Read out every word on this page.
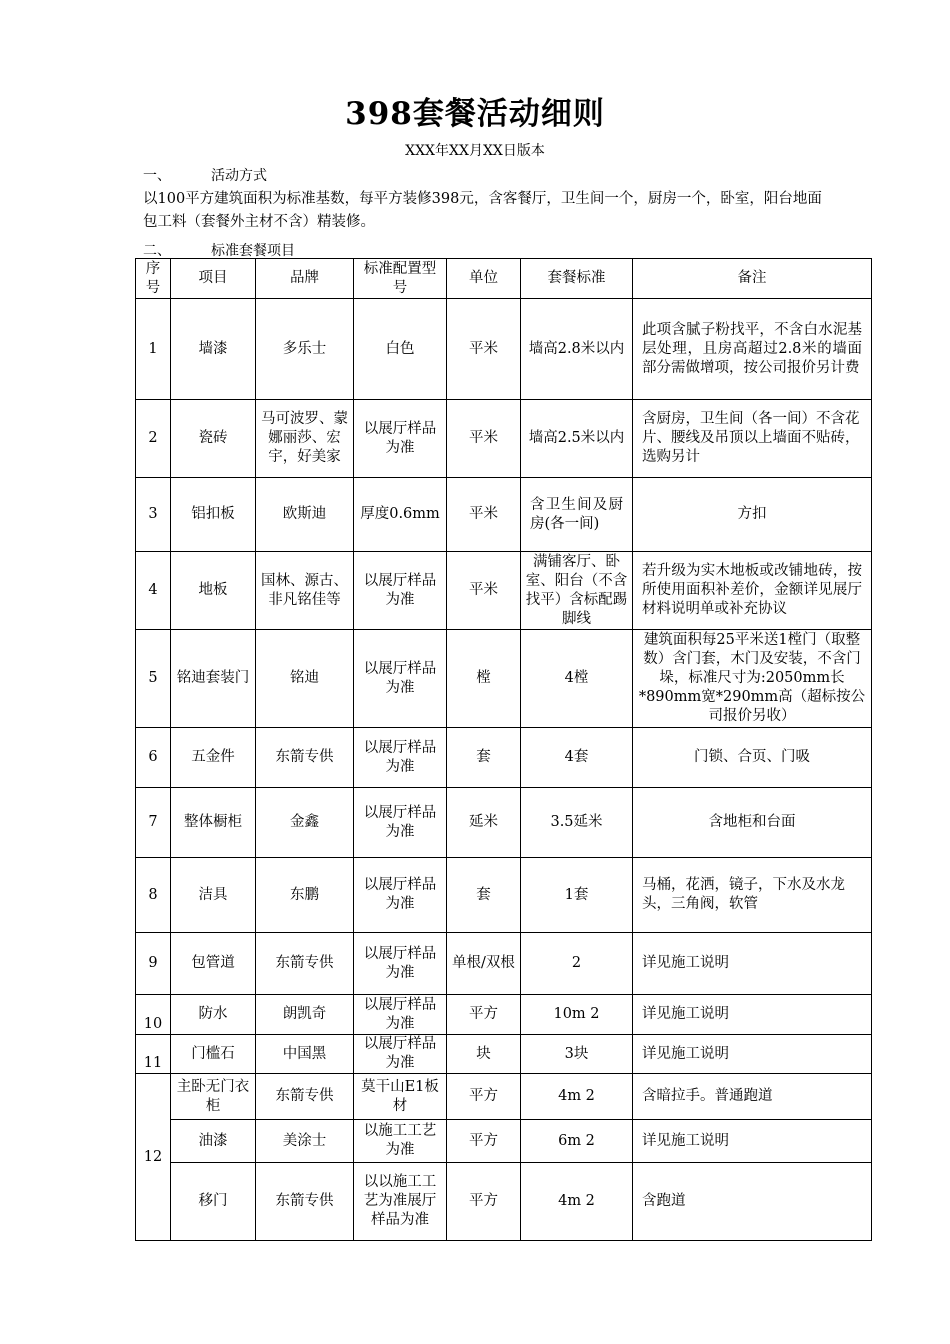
398套餐活动细则
XXX年XX月XX日版本
一、	活动方式
以100平方建筑面积为标准基数，每平方装修398元，含客餐厅，卫生间一个，厨房一个，卧室，阳台地面包工料（套餐外主材不含）精装修。
二、	标准套餐项目
序号	项目	品牌	标准配置型号	单位	套餐标准	备注
1	墙漆	多乐士	白色	平米	墙高2.8米以内	此项含腻子粉找平，不含白水泥基层处理，且房高超过2.8米的墙面部分需做增项，按公司报价另计费
2	瓷砖	马可波罗、蒙娜丽莎、宏宇，好美家	以展厅样品为准	平米	墙高2.5米以内	含厨房，卫生间（各一间）不含花片、腰线及吊顶以上墙面不贴砖，选购另计
3	铝扣板	欧斯迪	厚度0.6mm	平米	含卫生间及厨房(各一间)	方扣
4	地板	国林、源古、非凡铭佳等	以展厅样品为准	平米	满铺客厅、卧室、阳台（不含找平）含标配踢脚线	若升级为实木地板或改铺地砖，按所使用面积补差价，金额详见展厅材料说明单或补充协议
5	铭迪套装门	铭迪	以展厅样品为准	樘	4樘	建筑面积每25平米送1樘门（取整数）含门套，木门及安装，不含门垛，标准尺寸为:2050mm长*890mm宽*290mm高（超标按公司报价另收）
6	五金件	东箭专供	以展厅样品为准	套	4套	门锁、合页、门吸
7	整体橱柜	金鑫	以展厅样品为准	延米	3.5延米	含地柜和台面
8	洁具	东鹏	以展厅样品为准	套	1套	马桶，花洒，镜子，下水及水龙头，三角阀，软管
9	包管道	东箭专供	以展厅样品为准	单根/双根	2	详见施工说明
10	防水	朗凯奇	以展厅样品为准	平方	10m 2	详见施工说明
11	门槛石	中国黑	以展厅样品为准	块	3块	详见施工说明
12	主卧无门衣柜	东箭专供	莫干山E1板材	平方	4m 2	含暗拉手。普通跑道
	油漆	美涂士	以施工工艺为准	平方	6m 2	详见施工说明
	移门	东箭专供	以以施工工艺为准展厅样品为准	平方	4m 2	含跑道
